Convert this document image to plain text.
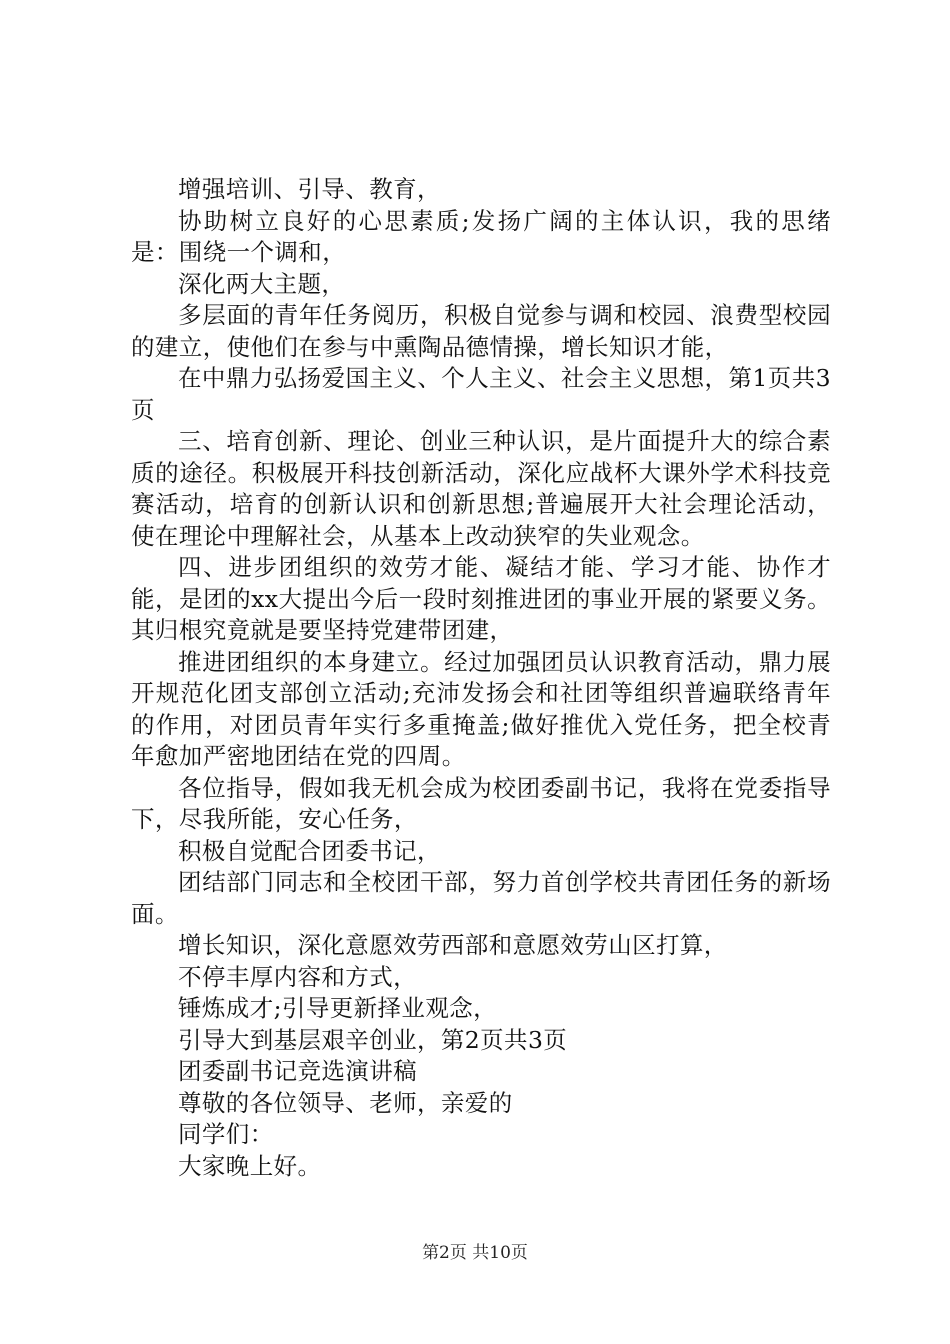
增强培训、引导、教育，

协助树立良好的心思素质;发扬广阔的主体认识，我的思绪是：围绕一个调和，

深化两大主题，

多层面的青年任务阅历，积极自觉参与调和校园、浪费型校园的建立，使他们在参与中熏陶品德情操，增长知识才能，

在中鼎力弘扬爱国主义、个人主义、社会主义思想，第1页共3页

三、培育创新、理论、创业三种认识，是片面提升大的综合素质的途径。积极展开科技创新活动，深化应战杯大课外学术科技竞赛活动，培育的创新认识和创新思想;普遍展开大社会理论活动，使在理论中理解社会，从基本上改动狭窄的失业观念。

四、进步团组织的效劳才能、凝结才能、学习才能、协作才能，是团的xx大提出今后一段时刻推进团的事业开展的紧要义务。其归根究竟就是要坚持党建带团建，

推进团组织的本身建立。经过加强团员认识教育活动，鼎力展开规范化团支部创立活动;充沛发扬会和社团等组织普遍联络青年的作用，对团员青年实行多重掩盖;做好推优入党任务，把全校青年愈加严密地团结在党的四周。

各位指导，假如我无机会成为校团委副书记，我将在党委指导下，尽我所能，安心任务，

积极自觉配合团委书记，

团结部门同志和全校团干部，努力首创学校共青团任务的新场面。

增长知识，深化意愿效劳西部和意愿效劳山区打算，

不停丰厚内容和方式，

锤炼成才;引导更新择业观念，

引导大到基层艰辛创业，第2页共3页

团委副书记竞选演讲稿

尊敬的各位领导、老师，亲爱的

同学们：

大家晚上好。

第2页 共10页
